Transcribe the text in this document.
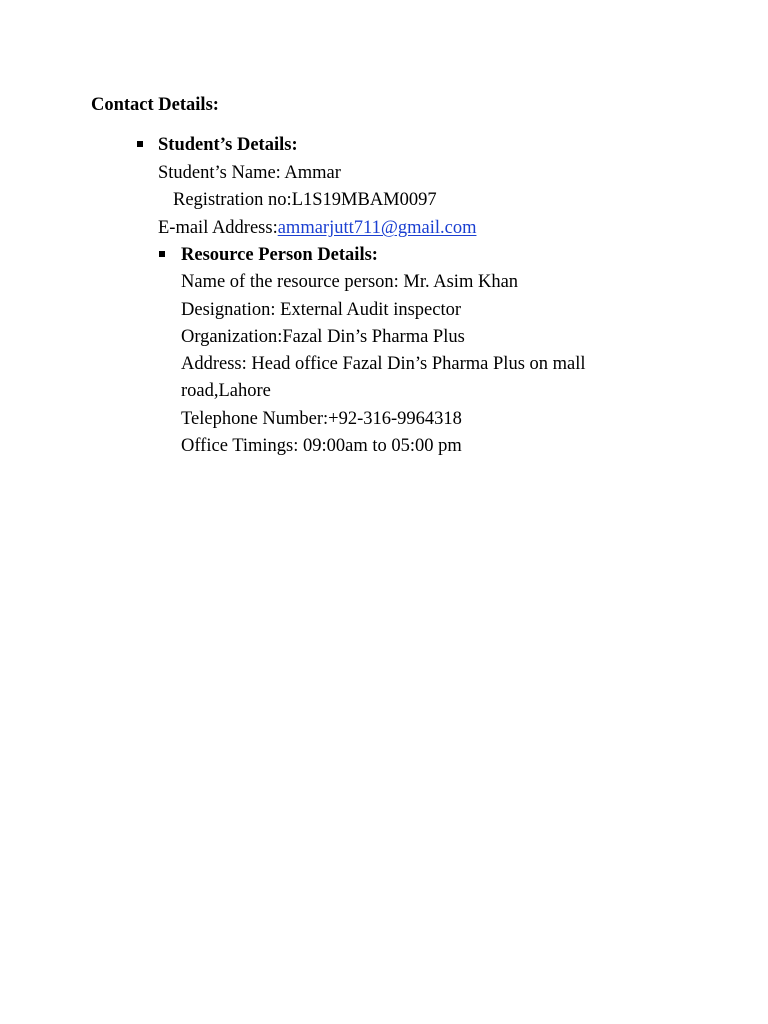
Contact Details:
Student’s Details:
Student’s Name: Ammar
Registration no:L1S19MBAM0097
E-mail Address:ammarjutt711@gmail.com
Resource Person Details:
Name of the resource person: Mr. Asim Khan
Designation: External Audit inspector
Organization:Fazal Din’s Pharma Plus
Address: Head office Fazal Din’s Pharma Plus on mall
road,Lahore
Telephone Number:+92-316-9964318
Office Timings: 09:00am to 05:00 pm
